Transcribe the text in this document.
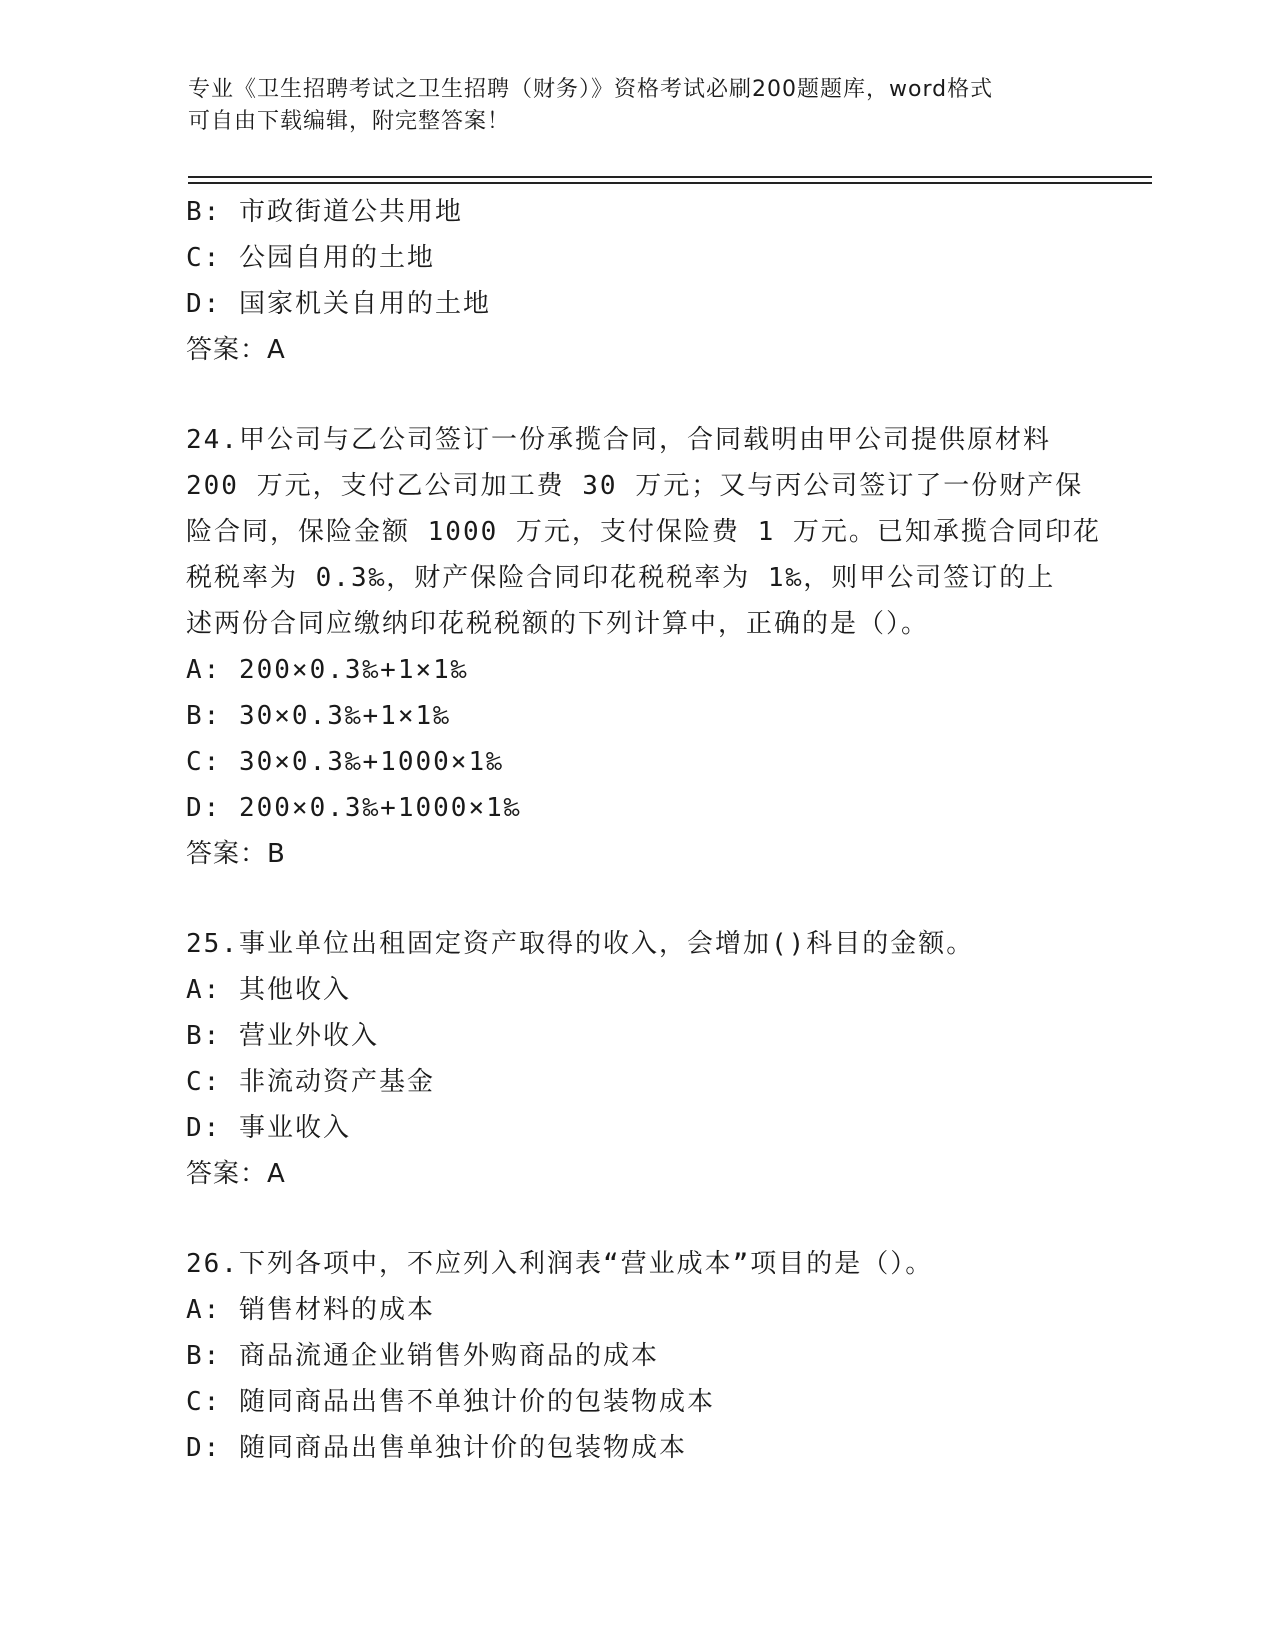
专业《卫生招聘考试之卫生招聘（财务）》资格考试必刷200题题库，word格式
可自由下载编辑，附完整答案！
B: 市政街道公共用地
C: 公园自用的土地
D: 国家机关自用的土地
答案：A
24.甲公司与乙公司签订一份承揽合同，合同载明由甲公司提供原材料
200 万元，支付乙公司加工费 30 万元；又与丙公司签订了一份财产保
险合同，保险金额 1000 万元，支付保险费 1 万元。已知承揽合同印花
税税率为 0.3‰，财产保险合同印花税税率为 1‰，则甲公司签订的上
述两份合同应缴纳印花税税额的下列计算中，正确的是（）。
A: 200×0.3‰+1×1‰
B: 30×0.3‰+1×1‰
C: 30×0.3‰+1000×1‰
D: 200×0.3‰+1000×1‰
答案：B
25.事业单位出租固定资产取得的收入，会增加()科目的金额。
A: 其他收入
B: 营业外收入
C: 非流动资产基金
D: 事业收入
答案：A
26.下列各项中，不应列入利润表“营业成本”项目的是（）。
A: 销售材料的成本
B: 商品流通企业销售外购商品的成本
C: 随同商品出售不单独计价的包装物成本
D: 随同商品出售单独计价的包装物成本
